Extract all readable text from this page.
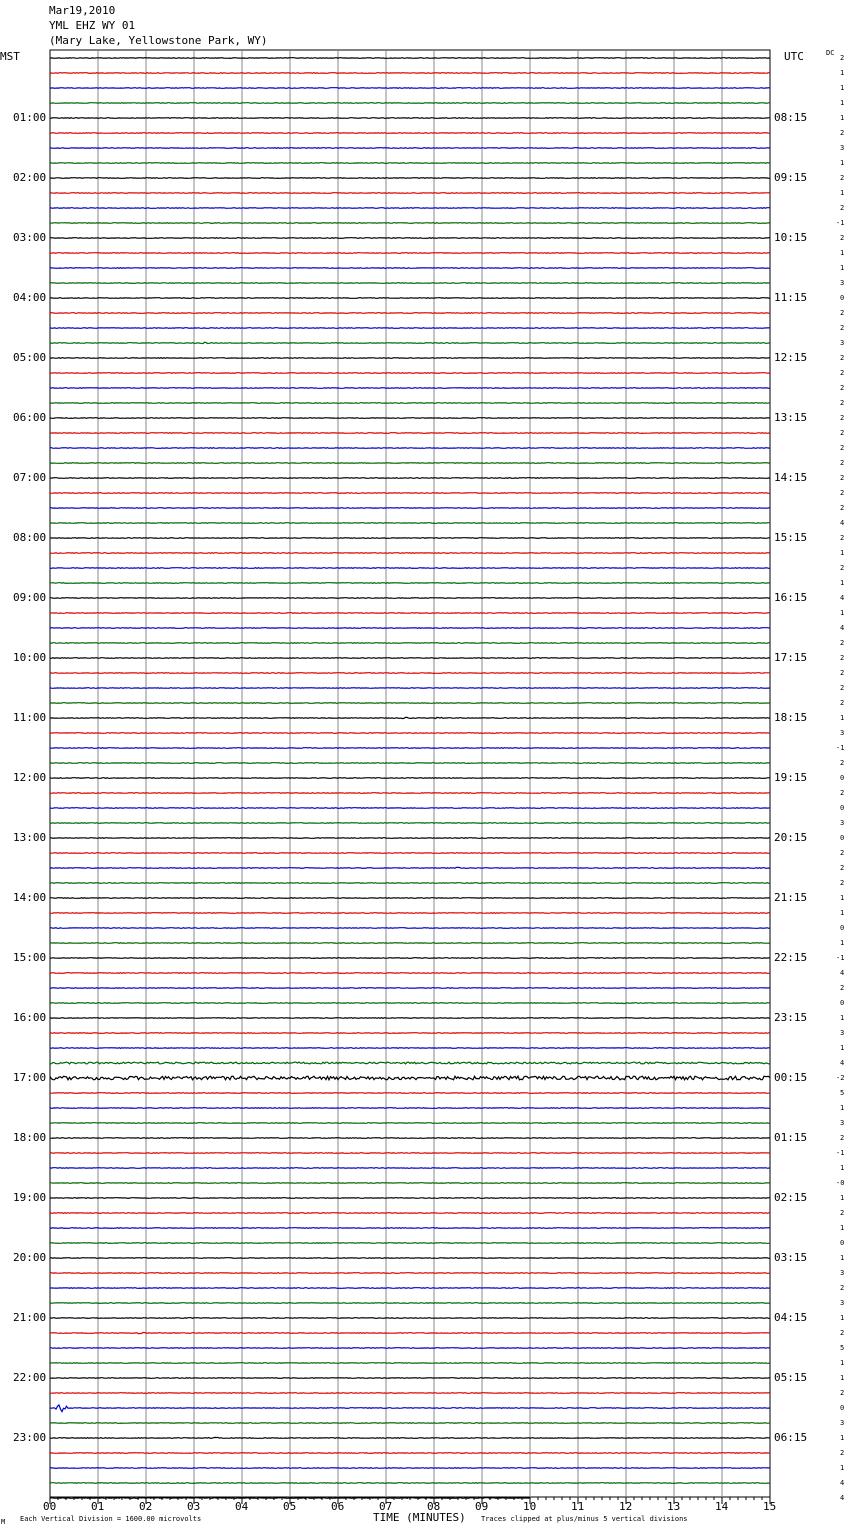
Mar19,2010
YML EHZ WY 01
(Mary Lake, Yellowstone Park, WY)
MST	UTC	DC
00	01	02	03	04	05	06	07	08	09	10	11	12	13	14	15
2
1
1
1
1
2
3
1
2
1
2
-1
2
1
1
3
0
2
2
3
2
2
2
2
2
2
2
2
2
2
2
4
2
1
2
1
4
1
4
2
2
2
2
2
1
3
-1
2
0
2
0
3
0
2
2
2
1
1
0
1
-1
4
2
0
1
3
1
4
-2
5
1
3
2
-1
1
-0
1
2
1
0
1
3
2
3
1
2
5
1
1
2
0
3
1
2
1
4
4
01:00	08:15
02:00	09:15
03:00	10:15
04:00	11:15
05:00	12:15
06:00	13:15
07:00	14:15
08:00	15:15
09:00	16:15
10:00	17:15
11:00	18:15
12:00	19:15
13:00	20:15
14:00	21:15
15:00	22:15
16:00	23:15
17:00	00:15
18:00	01:15
19:00	02:15
20:00	03:15
21:00	04:15
22:00	05:15
23:00	06:15
TIME (MINUTES)
M Each Vertical Division = 1600.00 microvolts	Traces clipped at plus/minus 5 vertical divisions
